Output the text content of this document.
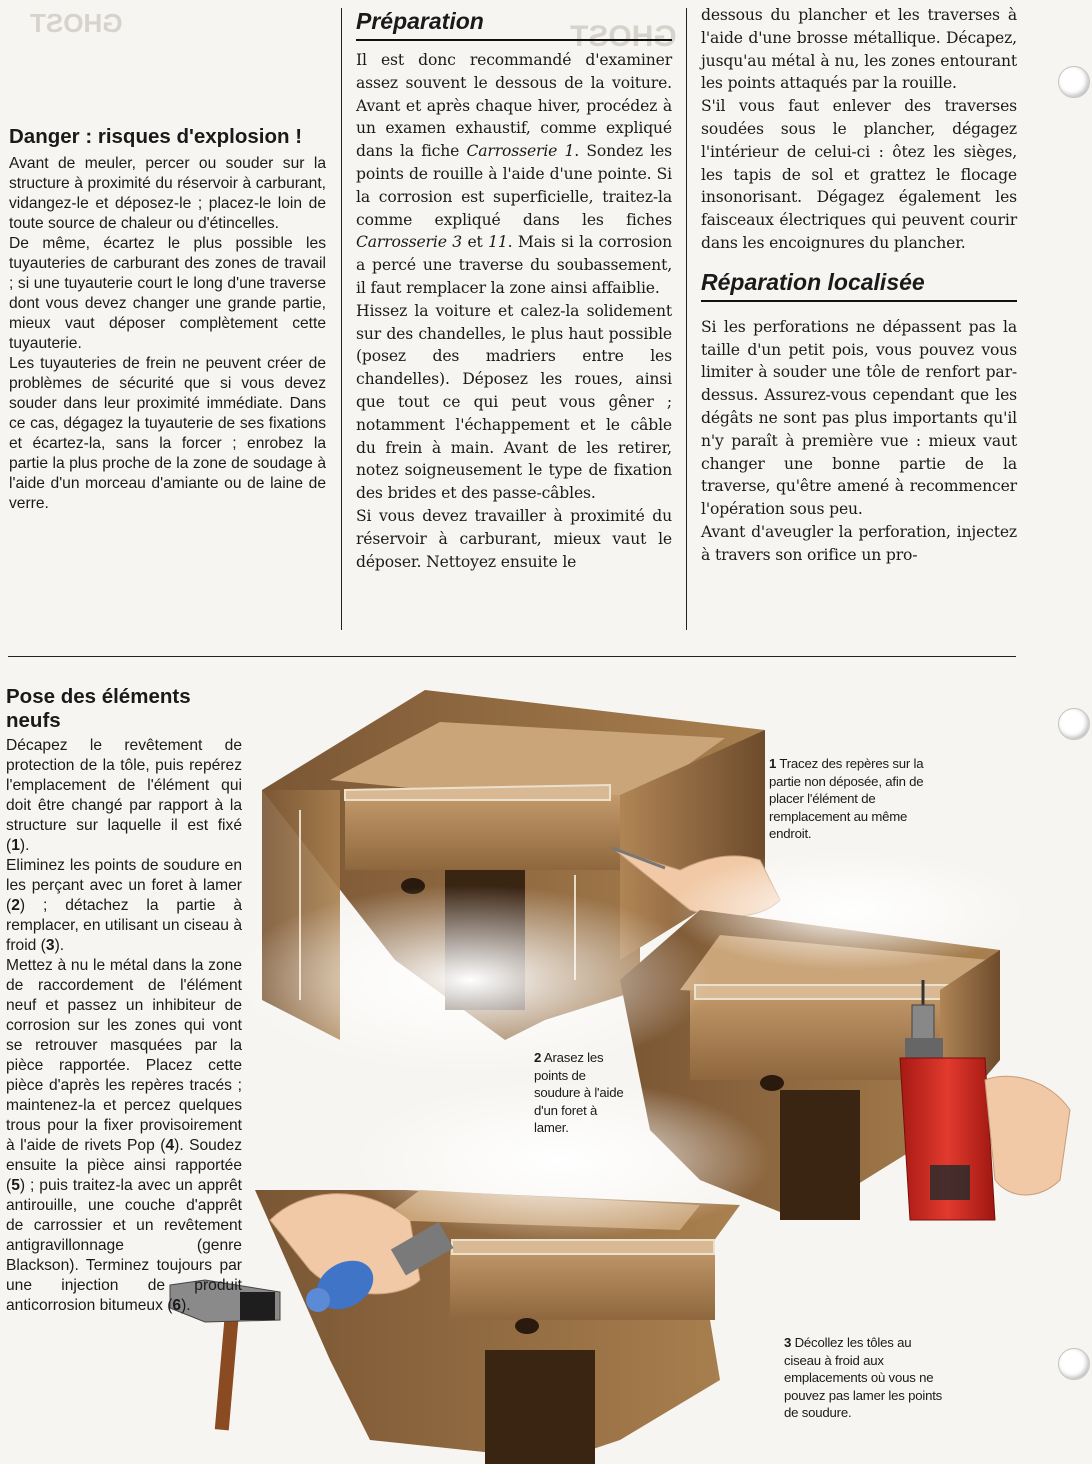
GHOST	GHOST
Danger : risques d'explosion !

Avant de meuler, percer ou souder sur la structure à proximité du réservoir à carburant, vidangez-le et déposez-le ; placez-le loin de toute source de chaleur ou d'étincelles.

De même, écartez le plus possible les tuyauteries de carburant des zones de travail ; si une tuyauterie court le long d'une traverse dont vous devez changer une grande partie, mieux vaut déposer complètement cette tuyauterie.

Les tuyauteries de frein ne peuvent créer de problèmes de sécurité que si vous devez souder dans leur proximité immédiate. Dans ce cas, dégagez la tuyauterie de ses fixations et écartez-la, sans la forcer ; enrobez la partie la plus proche de la zone de soudage à l'aide d'un morceau d'amiante ou de laine de verre.

Préparation

Il est donc recommandé d'examiner assez souvent le dessous de la voiture. Avant et après chaque hiver, procédez à un examen exhaustif, comme expliqué dans la fiche Carrosserie 1. Sondez les points de rouille à l'aide d'une pointe. Si la corrosion est superficielle, traitez-la comme expliqué dans les fiches Carrosserie 3 et 11. Mais si la corrosion a percé une traverse du soubassement, il faut remplacer la zone ainsi affaiblie.

Hissez la voiture et calez-la solidement sur des chandelles, le plus haut possible (posez des madriers entre les chandelles). Déposez les roues, ainsi que tout ce qui peut vous gêner ; notamment l'échappement et le câble du frein à main. Avant de les retirer, notez soigneusement le type de fixation des brides et des passe-câbles.

Si vous devez travailler à proximité du réservoir à carburant, mieux vaut le déposer. Nettoyez ensuite le

dessous du plancher et les traverses à l'aide d'une brosse métallique. Décapez, jusqu'au métal à nu, les zones entourant les points attaqués par la rouille.

S'il vous faut enlever des traverses soudées sous le plancher, dégagez l'intérieur de celui-ci : ôtez les sièges, les tapis de sol et grattez le flocage insonorisant. Dégagez également les faisceaux électriques qui peuvent courir dans les encoignures du plancher.

Réparation localisée

Si les perforations ne dépassent pas la taille d'un petit pois, vous pouvez vous limiter à souder une tôle de renfort par-dessus. Assurez-vous cependant que les dégâts ne sont pas plus importants qu'il n'y paraît à première vue : mieux vaut changer une bonne partie de la traverse, qu'être amené à recommencer l'opération sous peu.

Avant d'aveugler la perforation, injectez à travers son orifice un pro-

Pose des éléments neufs

Décapez le revêtement de protection de la tôle, puis repérez l'emplacement de l'élément qui doit être changé par rapport à la structure sur laquelle il est fixé (1).

Eliminez les points de soudure en les perçant avec un foret à lamer (2) ; détachez la partie à remplacer, en utilisant un ciseau à froid (3).

Mettez à nu le métal dans la zone de raccordement de l'élément neuf et passez un inhibiteur de corrosion sur les zones qui vont se retrouver masquées par la pièce rapportée. Placez cette pièce d'après les repères tracés ; maintenez-la et percez quelques trous pour la fixer provisoirement à l'aide de rivets Pop (4). Soudez ensuite la pièce ainsi rapportée (5) ; puis traitez-la avec un apprêt antirouille, une couche d'apprêt de carrossier et un revêtement antigravillonnage (genre Blackson). Terminez toujours par une injection de produit anticorrosion bitumeux (6).

1 Tracez des repères sur la partie non déposée, afin de placer l'élément de remplacement au même endroit.

2 Arasez les points de soudure à l'aide d'un foret à lamer.

3 Décollez les tôles au ciseau à froid aux emplacements où vous ne pouvez pas lamer les points de soudure.
